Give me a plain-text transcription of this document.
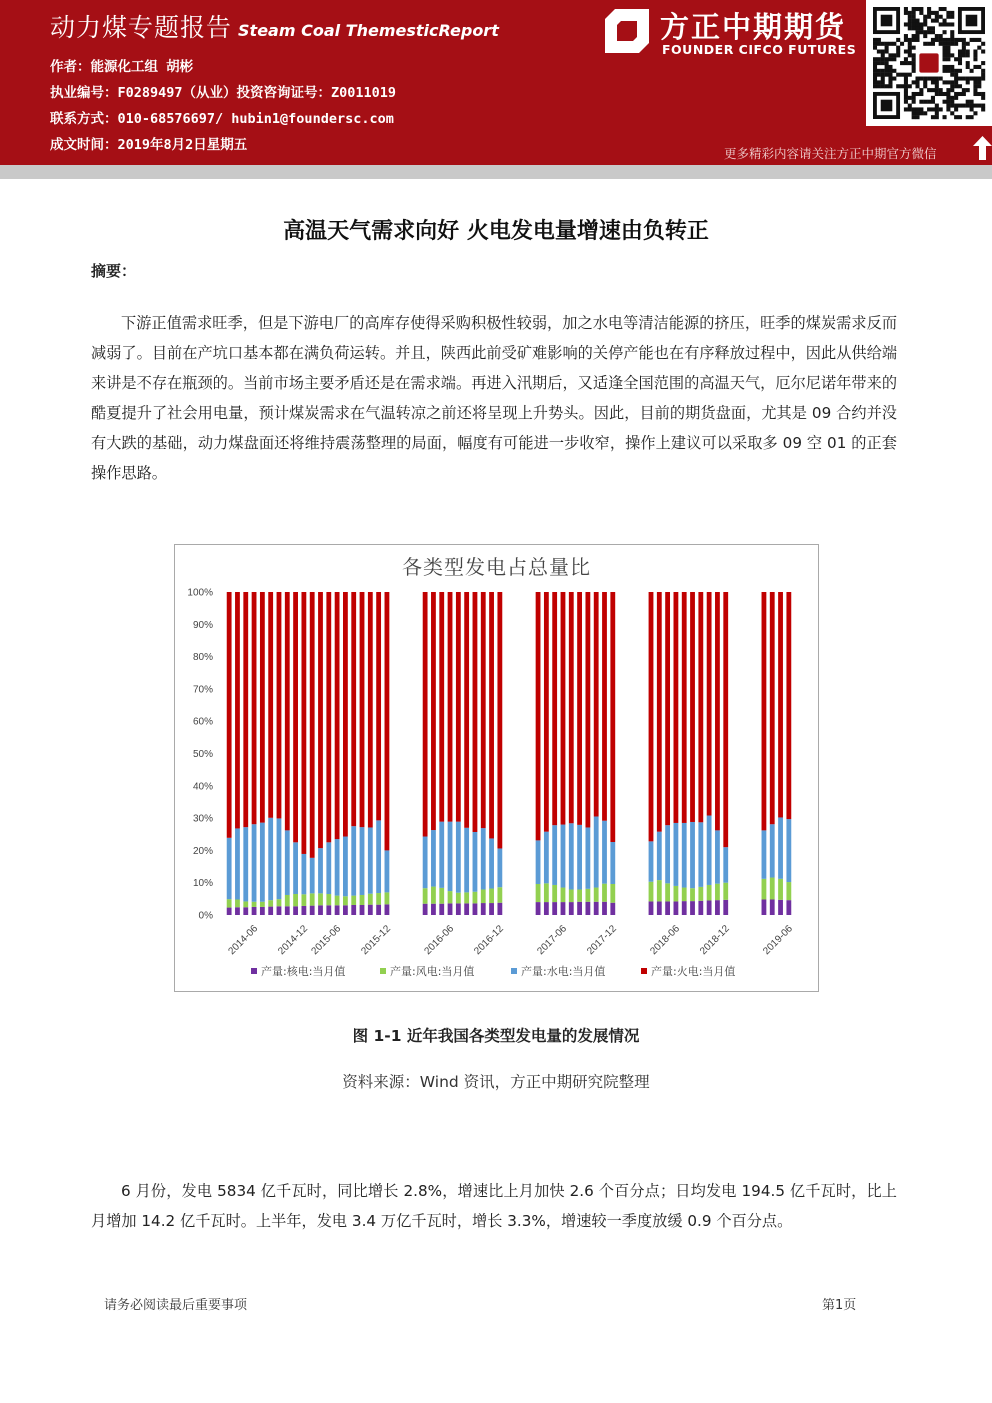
动力煤专题报告 Steam Coal ThemesticReport
作者：能源化工组 胡彬
执业编号：F0289497（从业）投资咨询证号：Z0011019
联系方式：010-68576697/ hubin1@foundersc.com
成文时间：2019年8月2日星期五
方正中期期货
FOUNDER CIFCO FUTURES
更多精彩内容请关注方正中期官方微信
高温天气需求向好 火电发电量增速由负转正
摘要：
下游正值需求旺季，但是下游电厂的高库存使得采购积极性较弱，加之水电等清洁能源的挤压，旺季的煤炭需求反而减弱了。目前在产坑口基本都在满负荷运转。并且，陕西此前受矿难影响的关停产能也在有序释放过程中，因此从供给端来讲是不存在瓶颈的。当前市场主要矛盾还是在需求端。再进入汛期后，又适逢全国范围的高温天气，厄尔尼诺年带来的酷夏提升了社会用电量，预计煤炭需求在气温转凉之前还将呈现上升势头。因此，目前的期货盘面，尤其是 09 合约并没有大跌的基础，动力煤盘面还将维持震荡整理的局面，幅度有可能进一步收窄，操作上建议可以采取多 09 空 01 的正套操作思路。
各类型发电占总量比
0%
10%
20%
30%
40%
50%
60%
70%
80%
90%
100%
2014-06 2014-12 2015-06 2015-12	2016-06 2016-12	2017-06 2017-12	2018-06 2018-12	2019-06
产量:核电:当月值	产量:风电:当月值	产量:水电:当月值	产量:火电:当月值
图 1-1 近年我国各类型发电量的发展情况
资料来源：Wind 资讯，方正中期研究院整理
6 月份，发电 5834 亿千瓦时，同比增长 2.8%，增速比上月加快 2.6 个百分点；日均发电 194.5 亿千瓦时，比上月增加 14.2 亿千瓦时。上半年，发电 3.4 万亿千瓦时，增长 3.3%，增速较一季度放缓 0.9 个百分点。
请务必阅读最后重要事项	第1页
